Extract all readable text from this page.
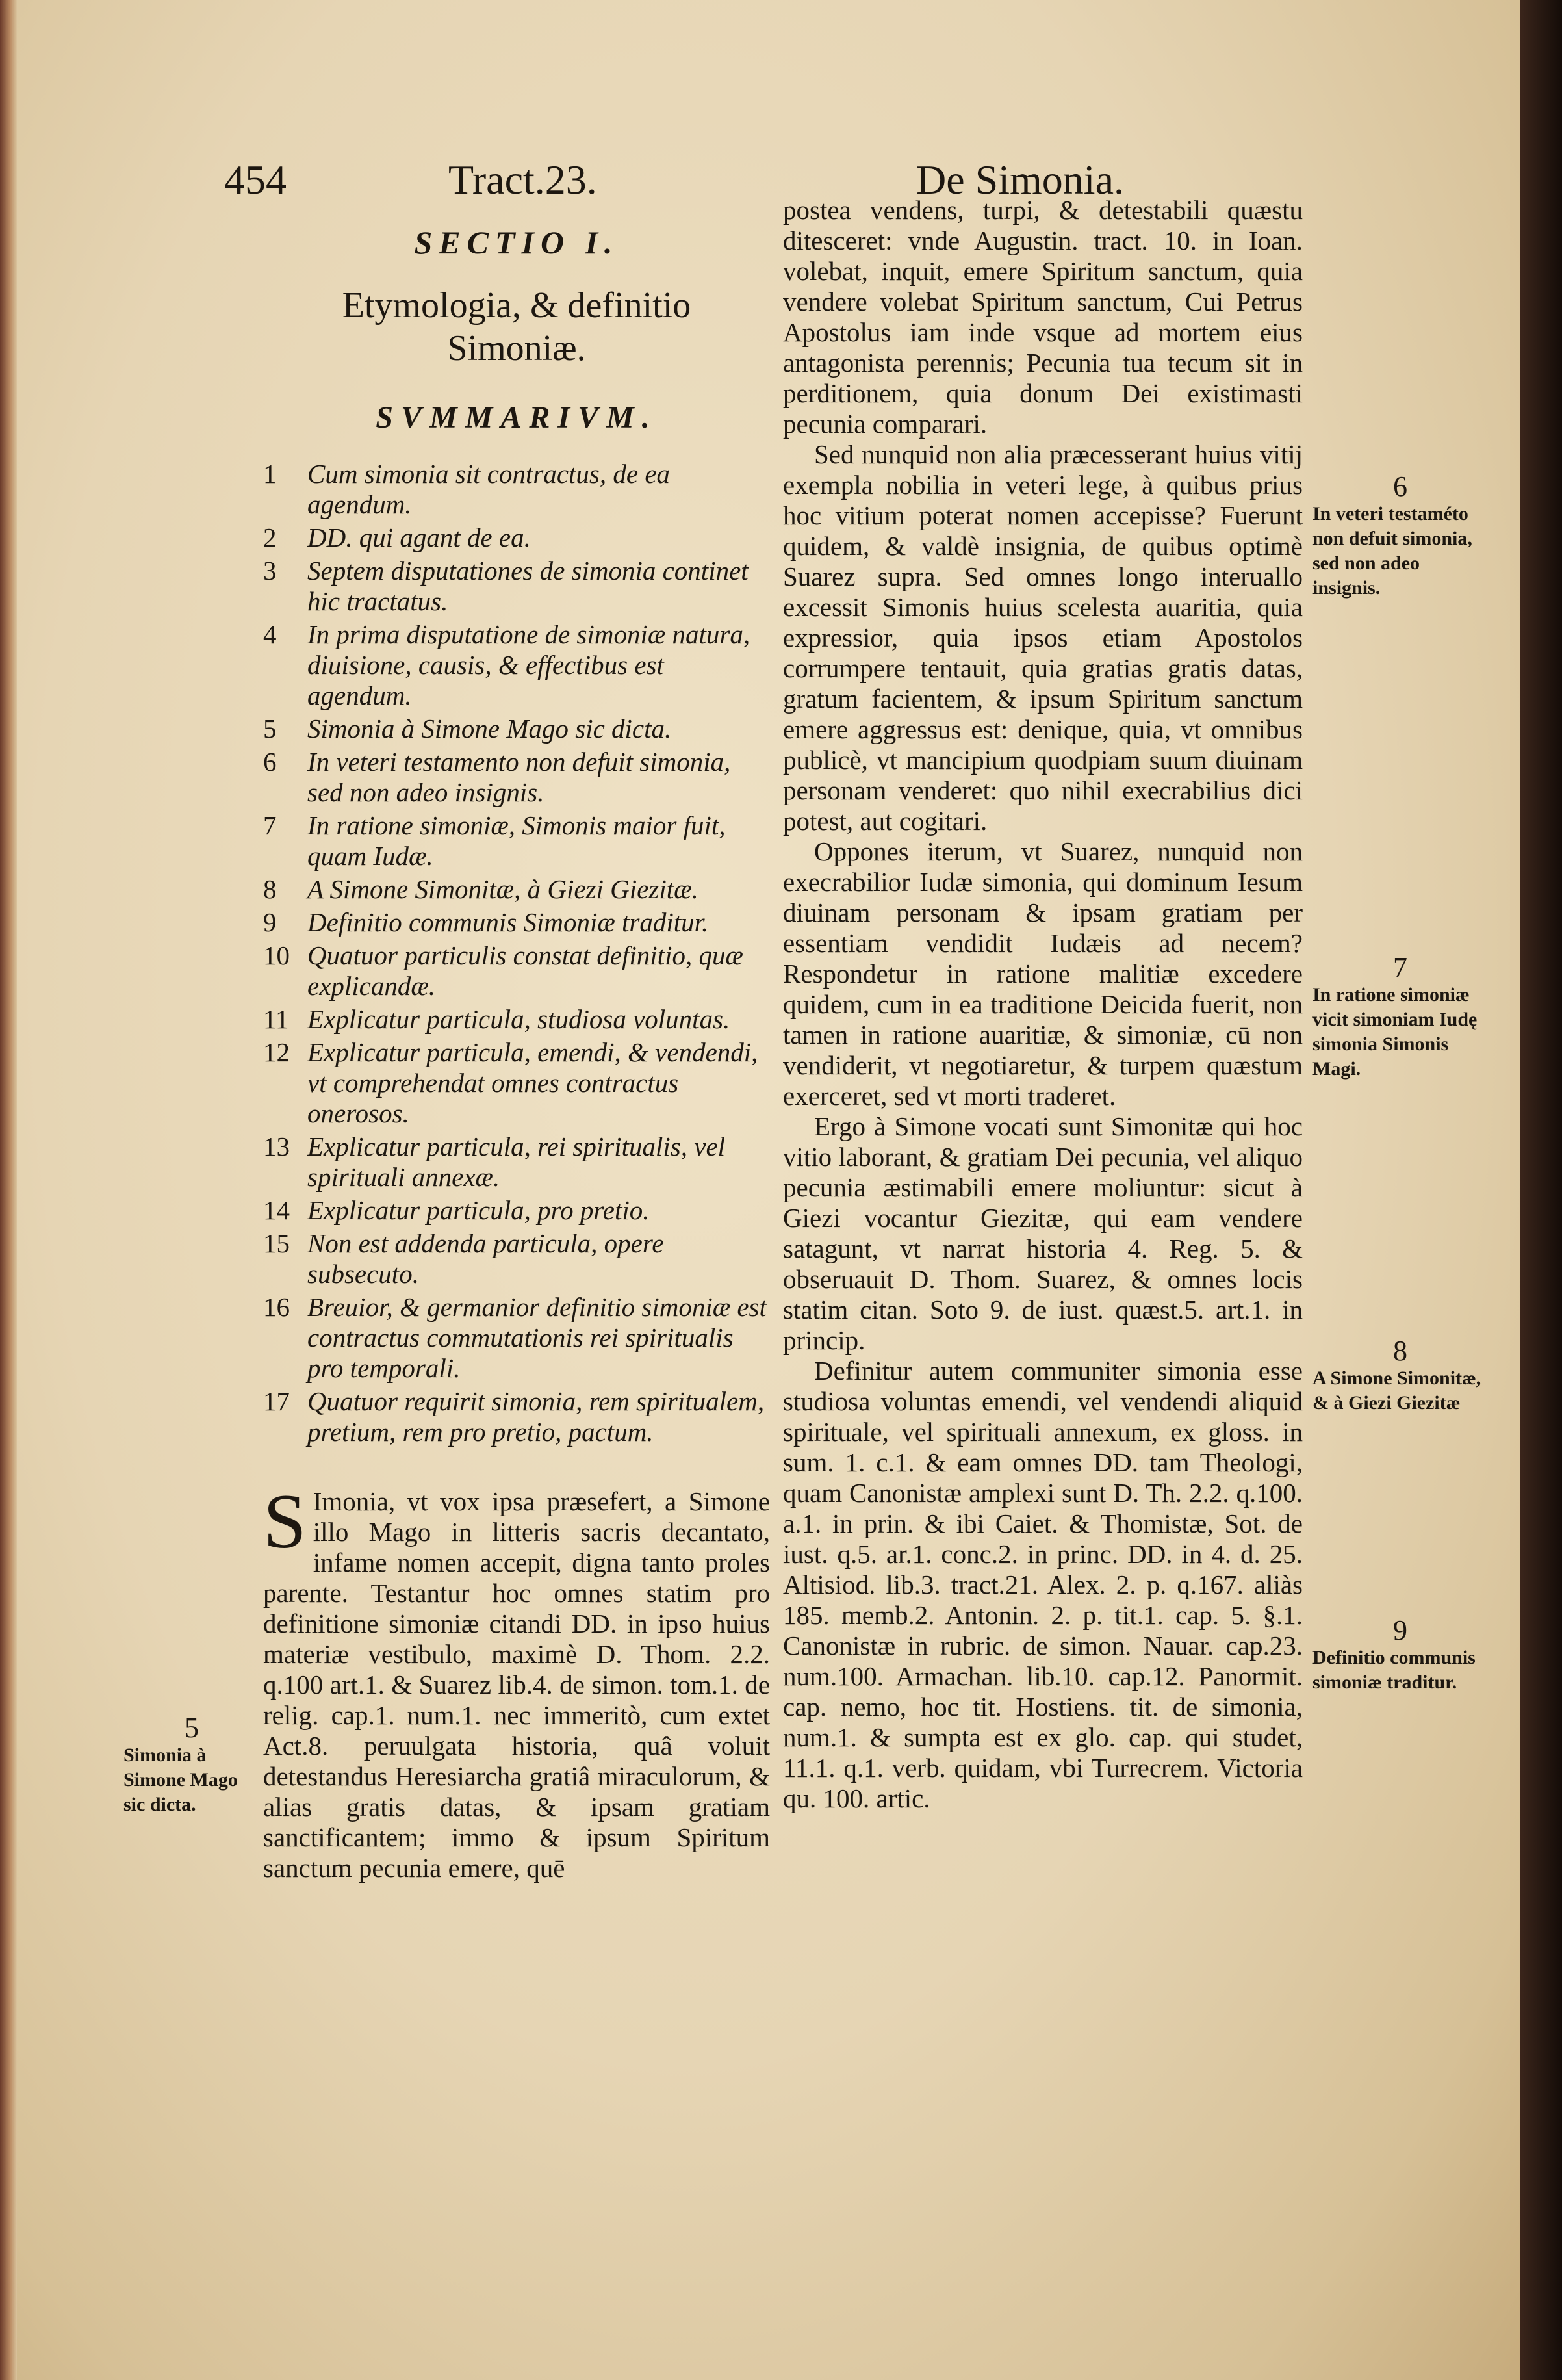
454	Tract.23.	De Simonia.
SECTIO I.
Etymologia, & definitio
Simoniæ.
SVMMARIVM.
1	Cum simonia sit contractus, de ea agendum.
2	DD. qui agant de ea.
3	Septem disputationes de simonia continet hic tractatus.
4	In prima disputatione de simoniæ natura, diuisione, causis, & effectibus est agendum.
5	Simonia à Simone Mago sic dicta.
6	In veteri testamento non defuit simonia, sed non adeo insignis.
7	In ratione simoniæ, Simonis maior fuit, quam Iudæ.
8	A Simone Simonitæ, à Giezi Giezitæ.
9	Definitio communis Simoniæ traditur.
10 Quatuor particulis constat definitio, quæ explicandæ.
11 Explicatur particula, studiosa voluntas.
12 Explicatur particula, emendi, & vendendi, vt comprehendat omnes contractus onerosos.
13 Explicatur particula, rei spiritualis, vel spirituali annexæ.
14 Explicatur particula, pro pretio.
15 Non est addenda particula, opere subsecuto.
16 Breuior, & germanior definitio simoniæ est contractus commutationis rei spiritualis pro temporali.
17 Quatuor requirit simonia, rem spiritualem, pretium, rem pro pretio, pactum.

S Imonia, vt vox ipsa præsefert, a Simone illo Mago in litteris sacris decantato, infame nomen accepit, digna tanto proles parente. Testantur hoc omnes statim pro definitione simoniæ citandi DD. in ipso huius materiæ vestibulo, maximè D. Thom. 2.2. q.100 art.1. & Suarez lib.4. de simon. tom.1. de relig. cap.1. num.1. nec immeritò, cum extet Act.8. peruulgata historia, quâ voluit detestandus Heresiarcha gratiâ miraculorum, & alias gratis datas, & ipsam gratiam sanctificantem; immo & ipsum Spiritum sanctum pecunia emere, quē

postea vendens, turpi, & detestabili quæstu ditesceret: vnde Augustin. tract. 10. in Ioan. volebat, inquit, emere Spiritum sanctum, quia vendere volebat Spiritum sanctum, Cui Petrus Apostolus iam inde vsque ad mortem eius antagonista perennis; Pecunia tua tecum sit in perditionem, quia donum Dei existimasti pecunia comparari.

Sed nunquid non alia præcesserant huius vitij exempla nobilia in veteri lege, à quibus prius hoc vitium poterat nomen accepisse? Fuerunt quidem, & valdè insignia, de quibus optimè Suarez supra. Sed omnes longo interuallo excessit Simonis huius scelesta auaritia, quia expressior, quia ipsos etiam Apostolos corrumpere tentauit, quia gratias gratis datas, gratum facientem, & ipsum Spiritum sanctum emere aggressus est: denique, quia, vt omnibus publicè, vt mancipium quodpiam suum diuinam personam venderet: quo nihil execrabilius dici potest, aut cogitari.

Oppones iterum, vt Suarez, nunquid non execrabilior Iudæ simonia, qui dominum Iesum diuinam personam & ipsam gratiam per essentiam vendidit Iudæis ad necem? Respondetur in ratione malitiæ excedere quidem, cum in ea traditione Deicida fuerit, non tamen in ratione auaritiæ, & simoniæ, cū non vendiderit, vt negotiaretur, & turpem quæstum exerceret, sed vt morti traderet.

Ergo à Simone vocati sunt Simonitæ qui hoc vitio laborant, & gratiam Dei pecunia, vel aliquo pecunia æstimabili emere moliuntur: sicut à Giezi vocantur Giezitæ, qui eam vendere satagunt, vt narrat historia 4. Reg. 5. & obseruauit D. Thom. Suarez, & omnes locis statim citan. Soto 9. de iust. quæst.5. art.1. in princip.

Definitur autem communiter simonia esse studiosa voluntas emendi, vel vendendi aliquid spirituale, vel spirituali annexum, ex gloss. in sum. 1. c.1. & eam omnes DD. tam Theologi, quam Canonistæ amplexi sunt D. Th. 2.2. q.100. a.1. in prin. & ibi Caiet. & Thomistæ, Sot. de iust. q.5. ar.1. conc.2. in princ. DD. in 4. d. 25. Altisiod. lib.3. tract.21. Alex. 2. p. q.167. aliàs 185. memb.2. Antonin. 2. p. tit.1. cap. 5. §.1. Canonistæ in rubric. de simon. Nauar. cap.23. num.100. Armachan. lib.10. cap.12. Panormit. cap. nemo, hoc tit. Hostiens. tit. de simonia, num.1. & sumpta est ex glo. cap. qui studet, 11.1. q.1. verb. quidam, vbi Turrecrem. Victoria qu. 100. artic.

6
In veteri testaméto non defuit simonia, sed non adeo insignis.
7
In ratione simoniæ vicit simoniam Iudę simonia Simonis Magi.
8
A Simone Simonitæ, & à Giezi Giezitæ
9
Definitio communis simoniæ traditur.
5
Simonia à Simone Mago sic dicta.
